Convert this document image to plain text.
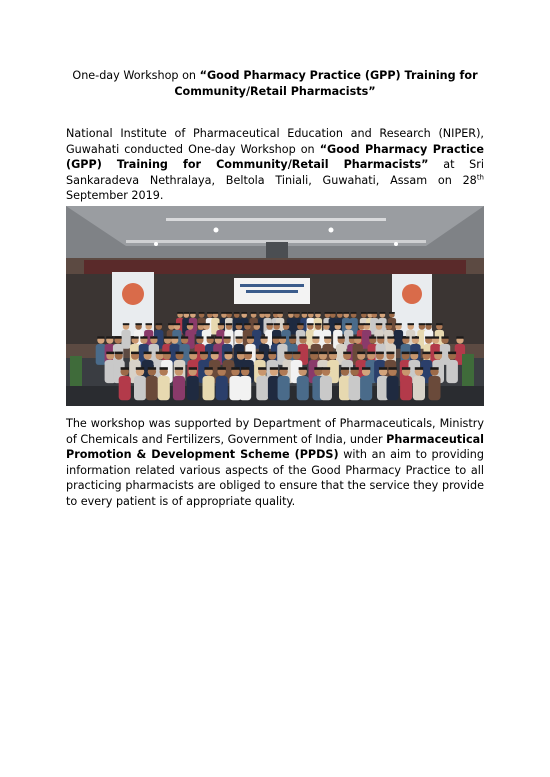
One-day Workshop on “Good Pharmacy Practice (GPP) Training for Community/Retail Pharmacists”
National Institute of Pharmaceutical Education and Research (NIPER), Guwahati conducted One-day Workshop on “Good Pharmacy Practice (GPP) Training for Community/Retail Pharmacists” at Sri Sankaradeva Nethralaya, Beltola Tiniali, Guwahati, Assam on 28th September 2019.
The workshop was supported by Department of Pharmaceuticals, Ministry of Chemicals and Fertilizers, Government of India, under Pharmaceutical Promotion & Development Scheme (PPDS) with an aim to providing information related various aspects of the Good Pharmacy Practice to all practicing pharmacists are obliged to ensure that the service they provide to every patient is of appropriate quality.
